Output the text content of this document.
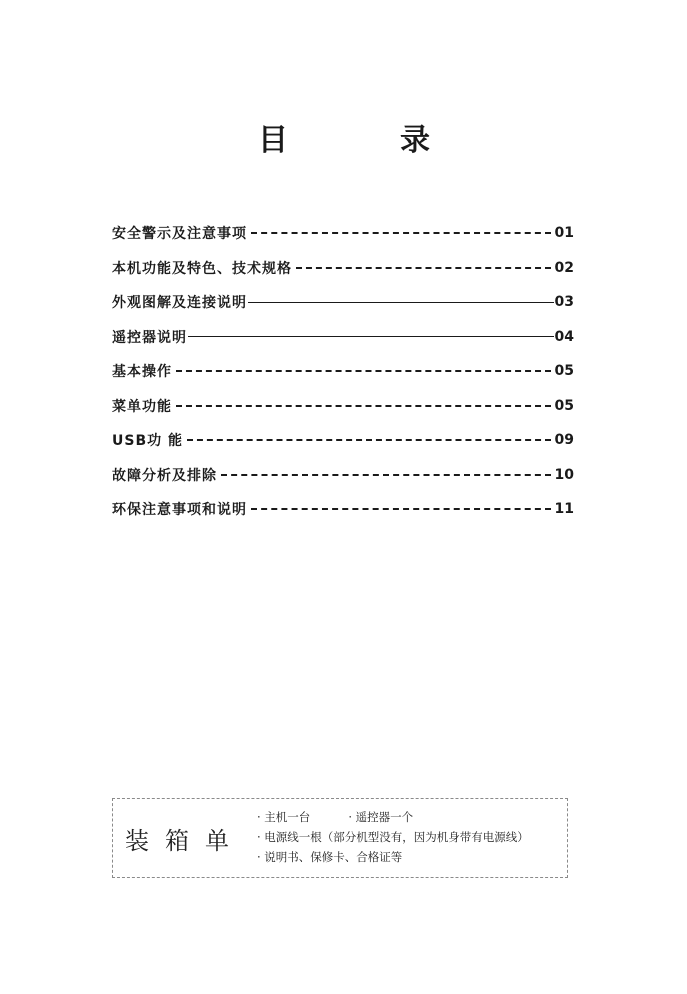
目	录
安全警示及注意事项	01
本机功能及特色、技术规格	02
外观图解及连接说明	03
遥控器说明	04
基本操作	05
菜单功能	05
USB功 能	09
故障分析及排除	10
环保注意事项和说明	11
装箱单
· 主机一台	· 遥控器一个
· 电源线一根（部分机型没有，因为机身带有电源线）
· 说明书、保修卡、合格证等
